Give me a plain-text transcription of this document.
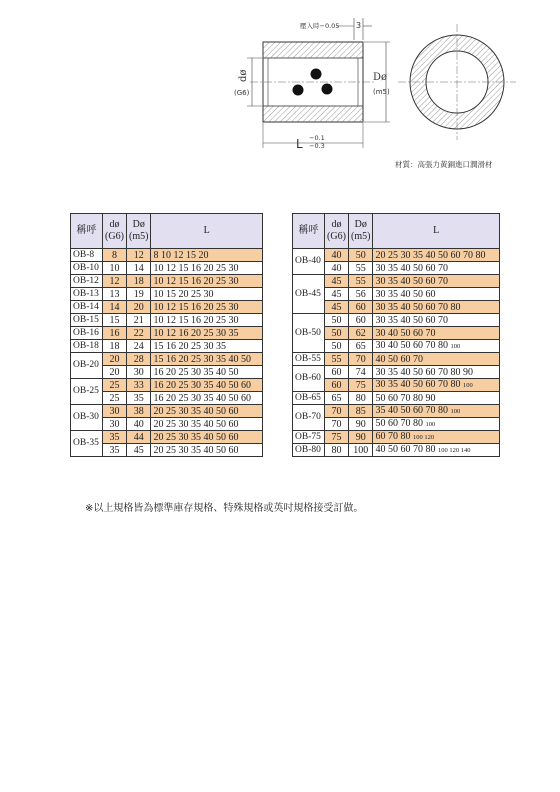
壓入時−0.05 3
dø
(G6)
Dø
(m5)
L −0.1
−0.3
材質：高張力黃銅進口潤滑材
稱呼	dø
(G6)	Dø
(m5)	L
OB-8	8	12	8 10 12 15 20
OB-10	10	14	10 12 15 16 20 25 30
OB-12	12	18	10 12 15 16 20 25 30
OB-13	13	19	10 15 20 25 30
OB-14	14	20	10 12 15 16 20 25 30
OB-15	15	21	10 12 15 16 20 25 30
OB-16	16	22	10 12 16 20 25 30 35
OB-18	18	24	15 16 20 25 30 35
OB-20	20	28	15 16 20 25 30 35 40 50
	20	30	16 20 25 30 35 40 50
OB-25	25	33	16 20 25 30 35 40 50 60
	25	35	16 20 25 30 35 40 50 60
OB-30	30	38	20 25 30 35 40 50 60
	30	40	20 25 30 35 40 50 60
OB-35	35	44	20 25 30 35 40 50 60
	35	45	20 25 30 35 40 50 60
稱呼	dø
(G6)	Dø
(m5)	L
OB-40	40	50	20 25 30 35 40 50 60 70 80
	40	55	30 35 40 50 60 70
OB-45	45	55	30 35 40 50 60 70
	45	56	30 35 40 50 60
	45	60	30 35 40 50 60 70 80
OB-50	50	60	30 35 40 50 60 70
	50	62	30 40 50 60 70
	50	65	30 40 50 60 70 80 100
OB-55	55	70	40 50 60 70
OB-60	60	74	30 35 40 50 60 70 80 90
	60	75	30 35 40 50 60 70 80 100
OB-65	65	80	50 60 70 80 90
OB-70	70	85	35 40 50 60 70 80 100
	70	90	50 60 70 80 100
OB-75	75	90	60 70 80 100 120
OB-80	80	100	40 50 60 70 80 100 120 140
※以上規格皆為標準庫存規格、特殊規格或英吋規格接受訂做。
